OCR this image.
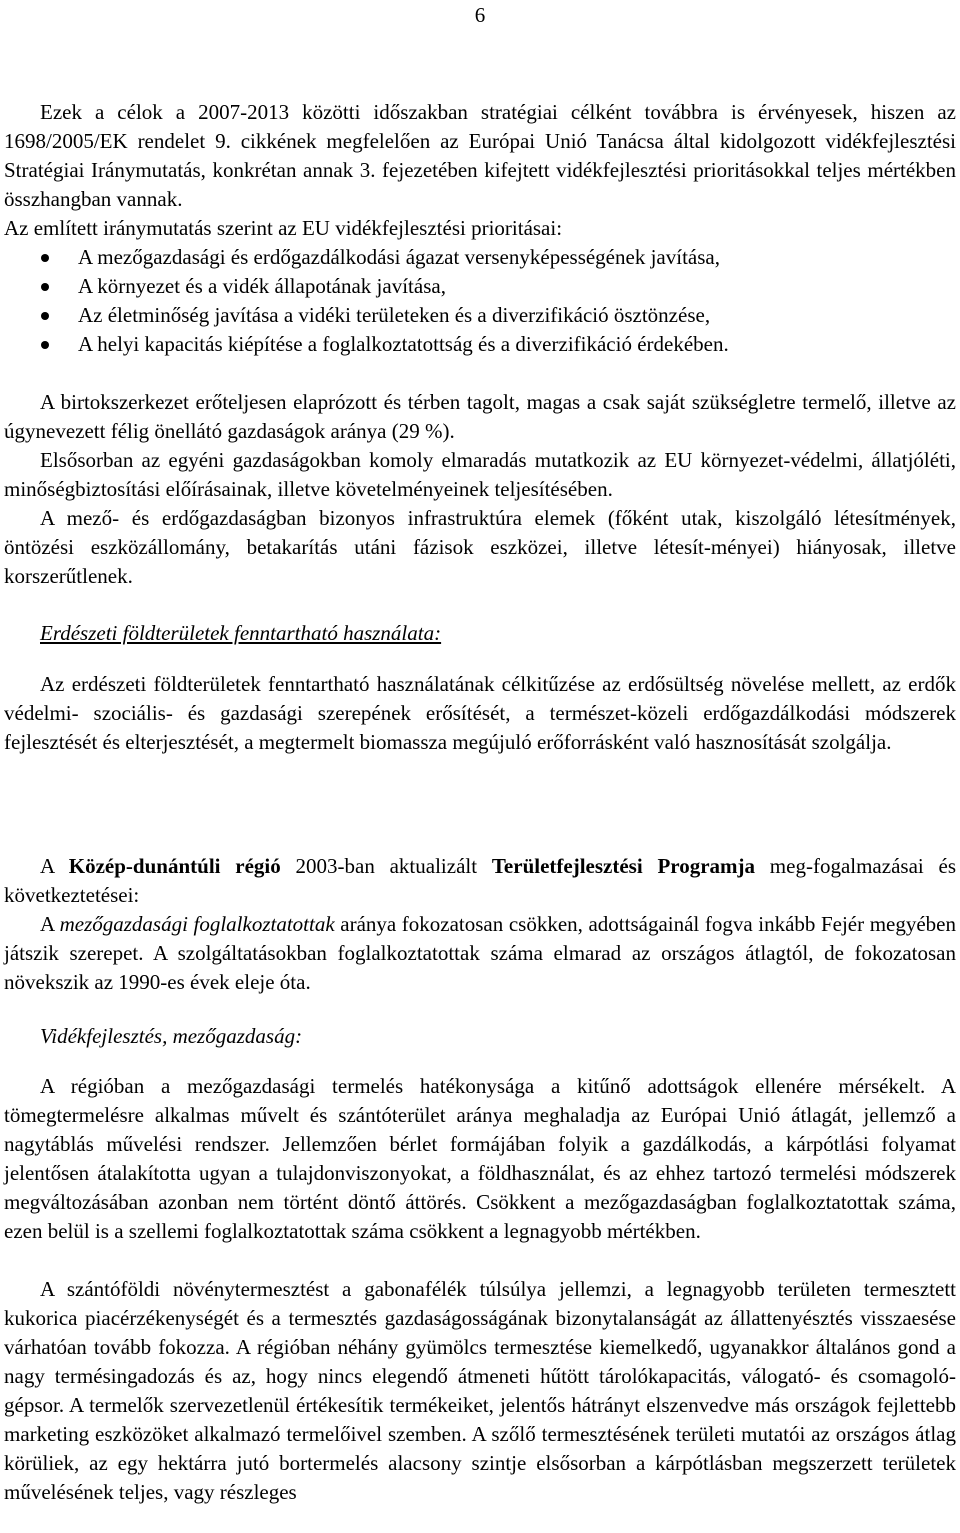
6

Ezek a célok a 2007-2013 közötti időszakban stratégiai célként továbbra is érvényesek, hiszen az 1698/2005/EK rendelet 9. cikkének megfelelően az Európai Unió Tanácsa által kidolgozott vidékfejlesztési Stratégiai Iránymutatás, konkrétan annak 3. fejezetében kifejtett vidékfejlesztési prioritásokkal teljes mértékben összhangban vannak.

Az említett iránymutatás szerint az EU vidékfejlesztési prioritásai:

A mezőgazdasági és erdőgazdálkodási ágazat versenyképességének javítása,
A környezet és a vidék állapotának javítása,
Az életminőség javítása a vidéki területeken és a diverzifikáció ösztönzése,
A helyi kapacitás kiépítése a foglalkoztatottság és a diverzifikáció érdekében.

A birtokszerkezet erőteljesen elaprózott és térben tagolt, magas a csak saját szükségletre termelő, illetve az úgynevezett félig önellátó gazdaságok aránya (29 %).

Elsősorban az egyéni gazdaságokban komoly elmaradás mutatkozik az EU környezet-védelmi, állatjóléti, minőségbiztosítási előírásainak, illetve követelményeinek teljesítésében.

A mező- és erdőgazdaságban bizonyos infrastruktúra elemek (főként utak, kiszolgáló létesítmények, öntözési eszközállomány, betakarítás utáni fázisok eszközei, illetve létesít-ményei) hiányosak, illetve korszerűtlenek.

Erdészeti földterületek fenntartható használata:

Az erdészeti földterületek fenntartható használatának célkitűzése az erdősültség növelése mellett, az erdők védelmi- szociális- és gazdasági szerepének erősítését, a természet-közeli erdőgazdálkodási módszerek fejlesztését és elterjesztését, a megtermelt biomassza megújuló erőforrásként való hasznosítását szolgálja.

A Közép-dunántúli régió 2003-ban aktualizált Területfejlesztési Programja meg-fogalmazásai és következtetései:

A mezőgazdasági foglalkoztatottak aránya fokozatosan csökken, adottságainál fogva inkább Fejér megyében játszik szerepet. A szolgáltatásokban foglalkoztatottak száma elmarad az országos átlagtól, de fokozatosan növekszik az 1990-es évek eleje óta.

Vidékfejlesztés, mezőgazdaság:

A régióban a mezőgazdasági termelés hatékonysága a kitűnő adottságok ellenére mérsékelt. A tömegtermelésre alkalmas művelt és szántóterület aránya meghaladja az Európai Unió átlagát, jellemző a nagytáblás művelési rendszer. Jellemzően bérlet formájában folyik a gazdálkodás, a kárpótlási folyamat jelentősen átalakította ugyan a tulajdonviszonyokat, a földhasználat, és az ehhez tartozó termelési módszerek megváltozásában azonban nem történt döntő áttörés. Csökkent a mezőgazdaságban foglalkoztatottak száma, ezen belül is a szellemi foglalkoztatottak száma csökkent a legnagyobb mértékben.

A szántóföldi növénytermesztést a gabonafélék túlsúlya jellemzi, a legnagyobb területen termesztett kukorica piacérzékenységét és a termesztés gazdaságosságának bizonytalanságát az állattenyésztés visszaesése várhatóan tovább fokozza. A régióban néhány gyümölcs termesztése kiemelkedő, ugyanakkor általános gond a nagy termésingadozás és az, hogy nincs elegendő átmeneti hűtött tárolókapacitás, válogató- és csomagoló-gépsor. A termelők szervezetlenül értékesítik termékeiket, jelentős hátrányt elszenvedve más országok fejlettebb marketing eszközöket alkalmazó termelőivel szemben. A szőlő termesztésének területi mutatói az országos átlag körüliek, az egy hektárra jutó bortermelés alacsony szintje elsősorban a kárpótlásban megszerzett területek művelésének teljes, vagy részleges
